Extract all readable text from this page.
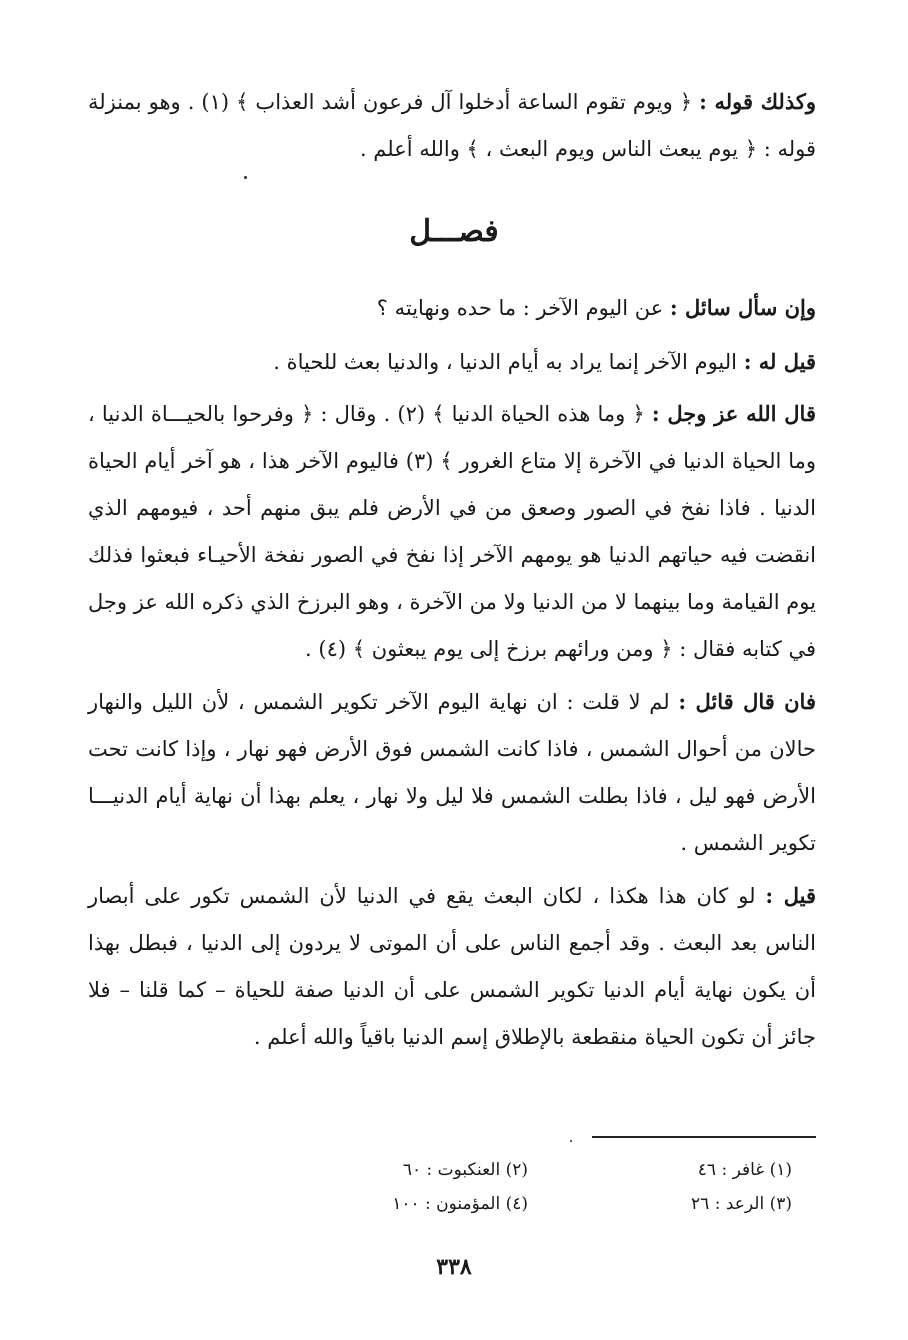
وكذلك قوله : ﴿ ويوم تقوم الساعة أدخلوا آل فرعون أشد العذاب ﴾ (١) . وهو بمنزلة قوله : ﴿ يوم يبعث الناس ويوم البعث ، ﴾ والله أعلم .
فصـــل
وإن سأل سائل : عن اليوم الآخر : ما حده ونهايته ؟
قيل له : اليوم الآخر إنما يراد به أيام الدنيا ، والدنيا بعث للحياة .
قال الله عز وجل : ﴿ وما هذه الحياة الدنيا ﴾ (٢) . وقال : ﴿ وفرحوا بالحيـــاة الدنيا ، وما الحياة الدنيا في الآخرة إلا متاع الغرور ﴾ (٣) فاليوم الآخر هذا ، هو آخر أيام الحياة الدنيا . فاذا نفخ في الصور وصعق من في الأرض فلم يبق منهم أحد ، فيومهم الذي انقضت فيه حياتهم الدنيا هو يومهم الآخر إذا نفخ في الصور نفخة الأحيـاء فبعثوا فذلك يوم القيامة وما بينهما لا من الدنيا ولا من الآخرة ، وهو البرزخ الذي ذكره الله عز وجل في كتابه فقال : ﴿ ومن ورائهم برزخ إلى يوم يبعثون ﴾ (٤) .
فان قال قائل : لم لا قلت : ان نهاية اليوم الآخر تكوير الشمس ، لأن الليل والنهار حالان من أحوال الشمس ، فاذا كانت الشمس فوق الأرض فهو نهار ، وإذا كانت تحت الأرض فهو ليل ، فاذا بطلت الشمس فلا ليل ولا نهار ، يعلم بهذا أن نهاية أيام الدنيـــا تكوير الشمس .
قيل : لو كان هذا هكذا ، لكان البعث يقع في الدنيا لأن الشمس تكور على أبصار الناس بعد البعث . وقد أجمع الناس على أن الموتى لا يردون إلى الدنيا ، فبطل بهذا أن يكون نهاية أيام الدنيا تكوير الشمس على أن الدنيا صفة للحياة – كما قلنا – فلا جائز أن تكون الحياة منقطعة بالإطلاق إسم الدنيا باقياً والله أعلم .
(١) غافر : ٤٦
(٢) العنكبوت : ٦٠
(٣) الرعد : ٢٦
(٤) المؤمنون : ١٠٠
٣٣٨
